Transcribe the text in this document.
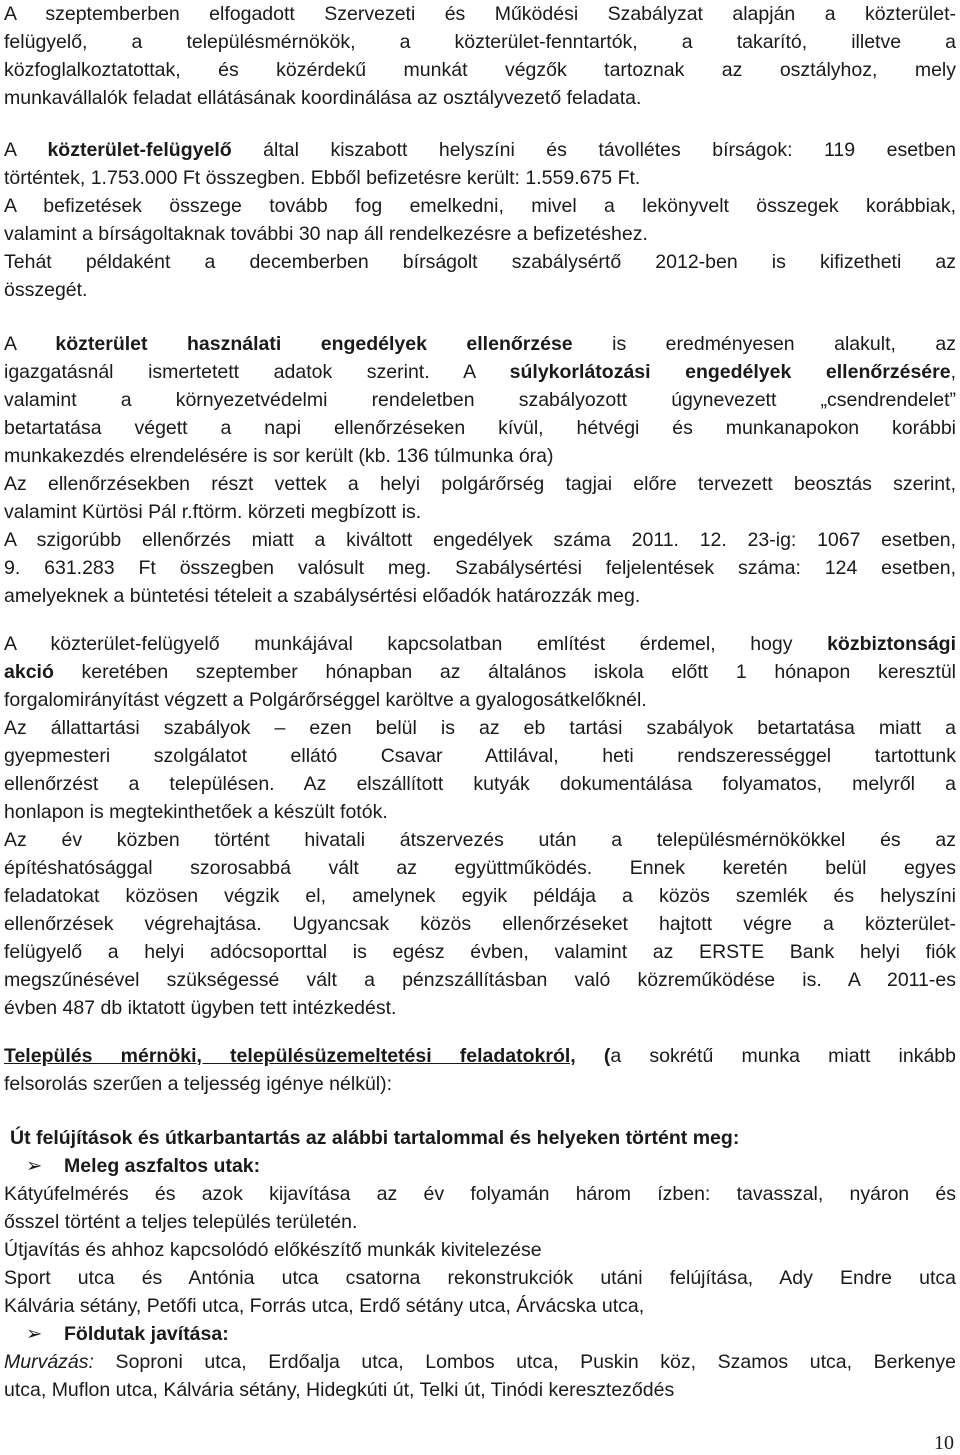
A szeptemberben elfogadott Szervezeti és Működési Szabályzat alapján a közterület-
felügyelő, a településmérnökök, a közterület-fenntartók, a takarító, illetve a
közfoglalkoztatottak, és közérdekű munkát végzők tartoznak az osztályhoz, mely
munkavállalók feladat ellátásának koordinálása az osztályvezető feladata.
A közterület-felügyelő által kiszabott helyszíni és távollétes bírságok: 119 esetben
történtek, 1.753.000 Ft összegben. Ebből befizetésre került: 1.559.675 Ft.
A befizetések összege tovább fog emelkedni, mivel a lekönyvelt összegek korábbiak,
valamint a bírságoltaknak további 30 nap áll rendelkezésre a befizetéshez.
Tehát példaként a decemberben bírságolt szabálysértő 2012-ben is kifizetheti az
összegét.
A közterület használati engedélyek ellenőrzése is eredményesen alakult, az
igazgatásnál ismertetett adatok szerint. A súlykorlátozási engedélyek ellenőrzésére,
valamint a környezetvédelmi rendeletben szabályozott úgynevezett „csendrendelet”
betartatása végett a napi ellenőrzéseken kívül, hétvégi és munkanapokon korábbi
munkakezdés elrendelésére is sor került (kb. 136 túlmunka óra)
Az ellenőrzésekben részt vettek a helyi polgárőrség tagjai előre tervezett beosztás szerint,
valamint Kürtösi Pál r.ftörm. körzeti megbízott is.
A szigorúbb ellenőrzés miatt a kiváltott engedélyek száma 2011. 12. 23-ig: 1067 esetben,
9. 631.283 Ft összegben valósult meg. Szabálysértési feljelentések száma: 124 esetben,
amelyeknek a büntetési tételeit a szabálysértési előadók határozzák meg.
A közterület-felügyelő munkájával kapcsolatban említést érdemel, hogy közbiztonsági
akció keretében szeptember hónapban az általános iskola előtt 1 hónapon keresztül
forgalomirányítást végzett a Polgárőrséggel karöltve a gyalogosátkelőknél.
Az állattartási szabályok – ezen belül is az eb tartási szabályok betartatása miatt a
gyepmesteri szolgálatot ellátó Csavar Attilával, heti rendszerességgel tartottunk
ellenőrzést a településen. Az elszállított kutyák dokumentálása folyamatos, melyről a
honlapon is megtekinthetőek a készült fotók.
Az év közben történt hivatali átszervezés után a településmérnökökkel és az
építéshatósággal szorosabbá vált az együttműködés. Ennek keretén belül egyes
feladatokat közösen végzik el, amelynek egyik példája a közös szemlék és helyszíni
ellenőrzések végrehajtása. Ugyancsak közös ellenőrzéseket hajtott végre a közterület-
felügyelő a helyi adócsoporttal is egész évben, valamint az ERSTE Bank helyi fiók
megszűnésével szükségessé vált a pénzszállításban való közreműködése is. A 2011-es
évben 487 db iktatott ügyben tett intézkedést.
Település mérnöki, településüzemeltetési feladatokról, (a sokrétű munka miatt inkább
felsorolás szerűen a teljesség igénye nélkül):
Út felújítások és útkarbantartás az alábbi tartalommal és helyeken történt meg:
➢ Meleg aszfaltos utak:
Kátyúfelmérés és azok kijavítása az év folyamán három ízben: tavasszal, nyáron és
ősszel történt a teljes település területén.
Útjavítás és ahhoz kapcsolódó előkészítő munkák kivitelezése
Sport utca és Antónia utca csatorna rekonstrukciók utáni felújítása, Ady Endre utca
Kálvária sétány, Petőfi utca, Forrás utca, Erdő sétány utca, Árvácska utca,
➢ Földutak javítása:
Murvázás: Soproni utca, Erdőalja utca, Lombos utca, Puskin köz, Szamos utca, Berkenye
utca, Muflon utca, Kálvária sétány, Hidegkúti út, Telki út, Tinódi kereszteződés
10
